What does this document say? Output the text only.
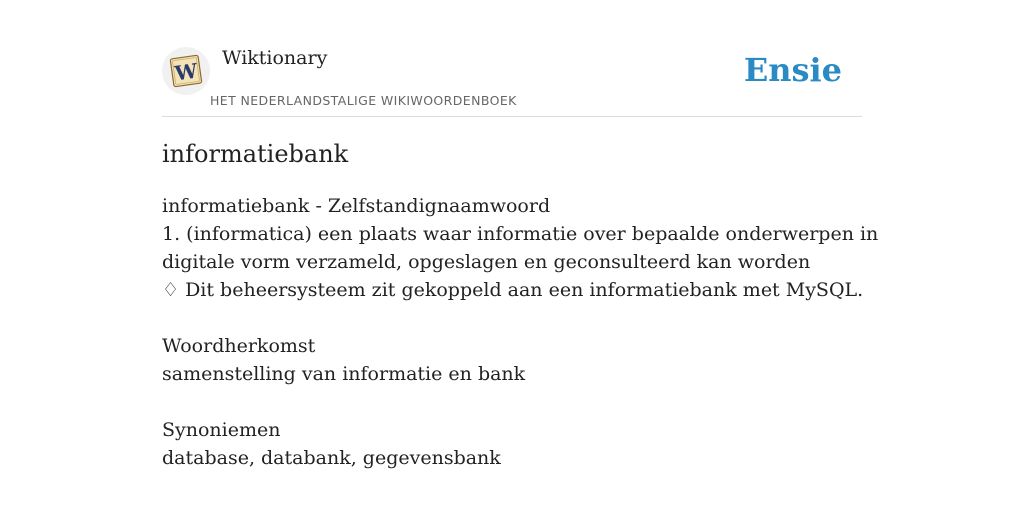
W
Wiktionary
HET NEDERLANDSTALIGE WIKIWOORDENBOEK
Ensie
informatiebank
informatiebank - Zelfstandignaamwoord
1. (informatica) een plaats waar informatie over bepaalde onderwerpen in
digitale vorm verzameld, opgeslagen en geconsulteerd kan worden
♢ Dit beheersysteem zit gekoppeld aan een informatiebank met MySQL.
Woordherkomst
samenstelling van informatie en bank
Synoniemen
database, databank, gegevensbank
